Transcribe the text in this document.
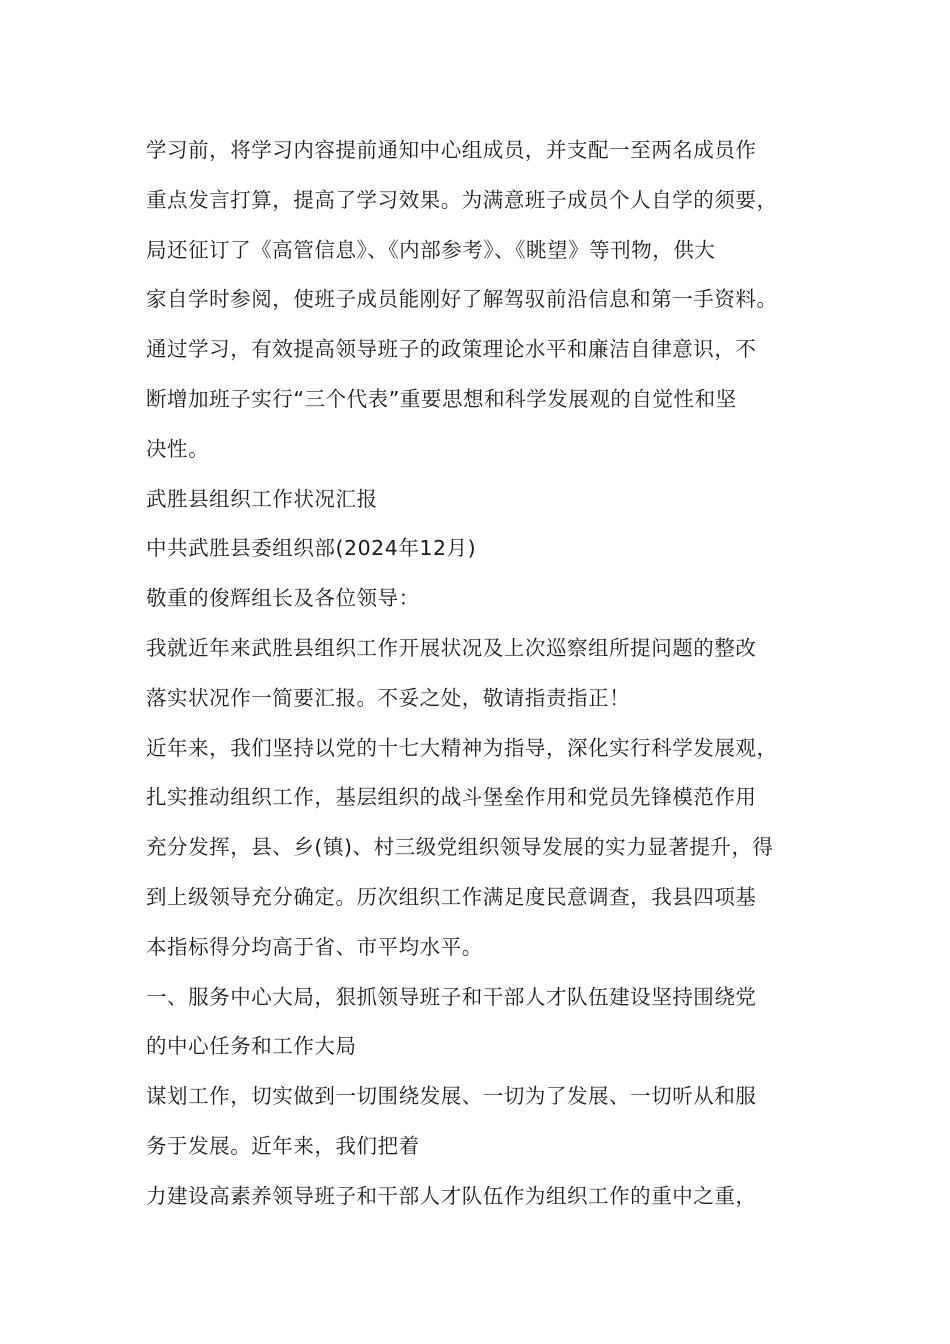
学习前，将学习内容提前通知中心组成员，并支配一至两名成员作
重点发言打算，提高了学习效果。为满意班子成员个人自学的须要，
局还征订了《高管信息》、《内部参考》、《眺望》等刊物，供大
家自学时参阅，使班子成员能刚好了解驾驭前沿信息和第一手资料。
通过学习，有效提高领导班子的政策理论水平和廉洁自律意识，不
断增加班子实行“三个代表”重要思想和科学发展观的自觉性和坚
决性。
武胜县组织工作状况汇报
中共武胜县委组织部(2024年12月)
敬重的俊辉组长及各位领导：
我就近年来武胜县组织工作开展状况及上次巡察组所提问题的整改
落实状况作一简要汇报。不妥之处，敬请指责指正！
近年来，我们坚持以党的十七大精神为指导，深化实行科学发展观，
扎实推动组织工作，基层组织的战斗堡垒作用和党员先锋模范作用
充分发挥，县、乡(镇)、村三级党组织领导发展的实力显著提升，得
到上级领导充分确定。历次组织工作满足度民意调查，我县四项基
本指标得分均高于省、市平均水平。
一、服务中心大局，狠抓领导班子和干部人才队伍建设坚持围绕党
的中心任务和工作大局
谋划工作，切实做到一切围绕发展、一切为了发展、一切听从和服
务于发展。近年来，我们把着
力建设高素养领导班子和干部人才队伍作为组织工作的重中之重，
